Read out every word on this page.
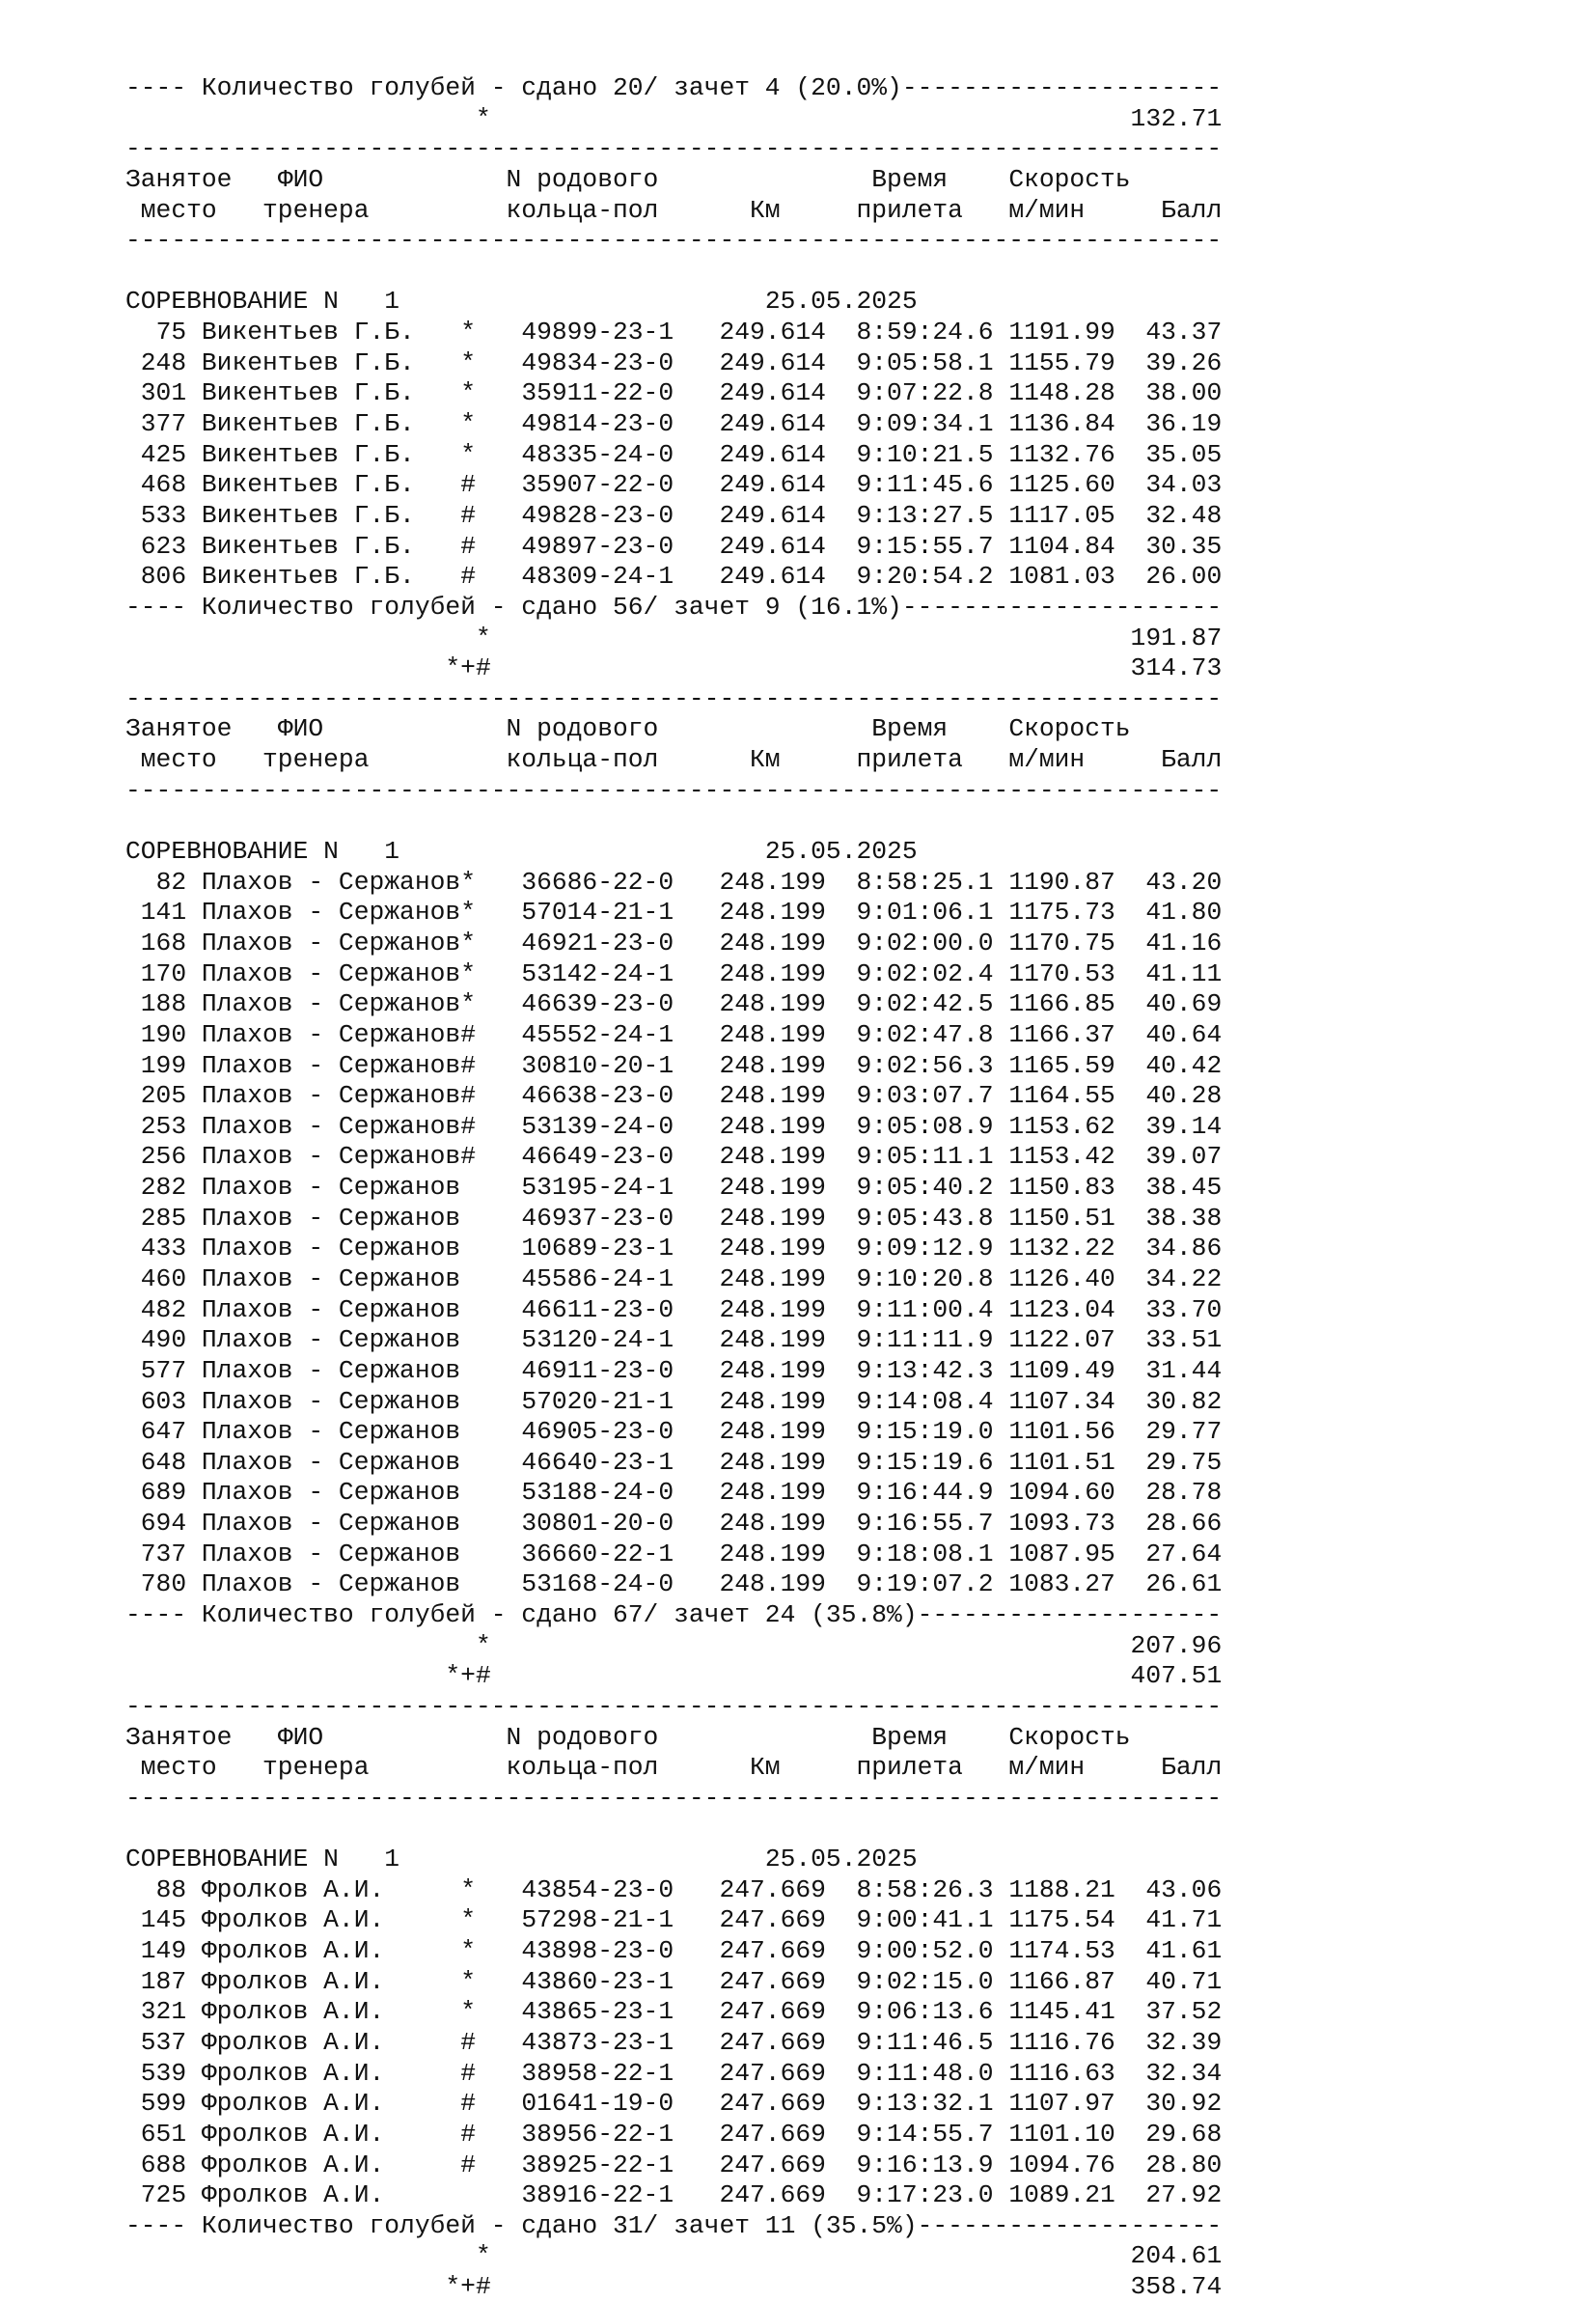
---- Количество голубей - сдано 20/ зачет 4 (20.0%)---------------------
*	132.71
------------------------------------------------------------------------
Занятое ФИО	N родового	Время Скорость
место тренера	кольца-пол	Км	прилета м/мин	Балл
------------------------------------------------------------------------
СОРЕВНОВАНИЕ N   1	25.05.2025
75 Викентьев Г.Б. * 49899-23-1 249.614 8:59:24.6 1191.99 43.37
248 Викентьев Г.Б. * 49834-23-0 249.614 9:05:58.1 1155.79 39.26
301 Викентьев Г.Б. * 35911-22-0 249.614 9:07:22.8 1148.28 38.00
377 Викентьев Г.Б. * 49814-23-0 249.614 9:09:34.1 1136.84 36.19
425 Викентьев Г.Б. * 48335-24-0 249.614 9:10:21.5 1132.76 35.05
468 Викентьев Г.Б. # 35907-22-0 249.614 9:11:45.6 1125.60 34.03
533 Викентьев Г.Б. # 49828-23-0 249.614 9:13:27.5 1117.05 32.48
623 Викентьев Г.Б. # 49897-23-0 249.614 9:15:55.7 1104.84 30.35
806 Викентьев Г.Б. # 48309-24-1 249.614 9:20:54.2 1081.03 26.00
---- Количество голубей - сдано 56/ зачет 9 (16.1%)---------------------
*	191.87
*+#	314.73
------------------------------------------------------------------------
Занятое ФИО	N родового	Время Скорость
место тренера	кольца-пол	Км	прилета м/мин	Балл
------------------------------------------------------------------------
СОРЕВНОВАНИЕ N   1	25.05.2025
82 Плахов - Сержанов* 36686-22-0 248.199 8:58:25.1 1190.87 43.20
141 Плахов - Сержанов* 57014-21-1 248.199 9:01:06.1 1175.73 41.80
168 Плахов - Сержанов* 46921-23-0 248.199 9:02:00.0 1170.75 41.16
170 Плахов - Сержанов* 53142-24-1 248.199 9:02:02.4 1170.53 41.11
188 Плахов - Сержанов* 46639-23-0 248.199 9:02:42.5 1166.85 40.69
190 Плахов - Сержанов# 45552-24-1 248.199 9:02:47.8 1166.37 40.64
199 Плахов - Сержанов# 30810-20-1 248.199 9:02:56.3 1165.59 40.42
205 Плахов - Сержанов# 46638-23-0 248.199 9:03:07.7 1164.55 40.28
253 Плахов - Сержанов# 53139-24-0 248.199 9:05:08.9 1153.62 39.14
256 Плахов - Сержанов# 46649-23-0 248.199 9:05:11.1 1153.42 39.07
282 Плахов - Сержанов 53195-24-1 248.199 9:05:40.2 1150.83 38.45
285 Плахов - Сержанов 46937-23-0 248.199 9:05:43.8 1150.51 38.38
433 Плахов - Сержанов 10689-23-1 248.199 9:09:12.9 1132.22 34.86
460 Плахов - Сержанов 45586-24-1 248.199 9:10:20.8 1126.40 34.22
482 Плахов - Сержанов 46611-23-0 248.199 9:11:00.4 1123.04 33.70
490 Плахов - Сержанов 53120-24-1 248.199 9:11:11.9 1122.07 33.51
577 Плахов - Сержанов 46911-23-0 248.199 9:13:42.3 1109.49 31.44
603 Плахов - Сержанов 57020-21-1 248.199 9:14:08.4 1107.34 30.82
647 Плахов - Сержанов 46905-23-0 248.199 9:15:19.0 1101.56 29.77
648 Плахов - Сержанов 46640-23-1 248.199 9:15:19.6 1101.51 29.75
689 Плахов - Сержанов 53188-24-0 248.199 9:16:44.9 1094.60 28.78
694 Плахов - Сержанов 30801-20-0 248.199 9:16:55.7 1093.73 28.66
737 Плахов - Сержанов 36660-22-1 248.199 9:18:08.1 1087.95 27.64
780 Плахов - Сержанов 53168-24-0 248.199 9:19:07.2 1083.27 26.61
---- Количество голубей - сдано 67/ зачет 24 (35.8%)--------------------
*	207.96
*+#	407.51
------------------------------------------------------------------------
Занятое ФИО	N родового	Время Скорость
место тренера	кольца-пол	Км	прилета м/мин	Балл
------------------------------------------------------------------------
СОРЕВНОВАНИЕ N   1	25.05.2025
88 Фролков А.И.	* 43854-23-0 247.669 8:58:26.3 1188.21 43.06
145 Фролков А.И.	* 57298-21-1 247.669 9:00:41.1 1175.54 41.71
149 Фролков А.И.	* 43898-23-0 247.669 9:00:52.0 1174.53 41.61
187 Фролков А.И.	* 43860-23-1 247.669 9:02:15.0 1166.87 40.71
321 Фролков А.И.	* 43865-23-1 247.669 9:06:13.6 1145.41 37.52
537 Фролков А.И.	# 43873-23-1 247.669 9:11:46.5 1116.76 32.39
539 Фролков А.И.	# 38958-22-1 247.669 9:11:48.0 1116.63 32.34
599 Фролков А.И.	# 01641-19-0 247.669 9:13:32.1 1107.97 30.92
651 Фролков А.И.	# 38956-22-1 247.669 9:14:55.7 1101.10 29.68
688 Фролков А.И.	# 38925-22-1 247.669 9:16:13.9 1094.76 28.80
725 Фролков А.И.	38916-22-1 247.669 9:17:23.0 1089.21 27.92
---- Количество голубей - сдано 31/ зачет 11 (35.5%)--------------------
*	204.61
*+#	358.74
